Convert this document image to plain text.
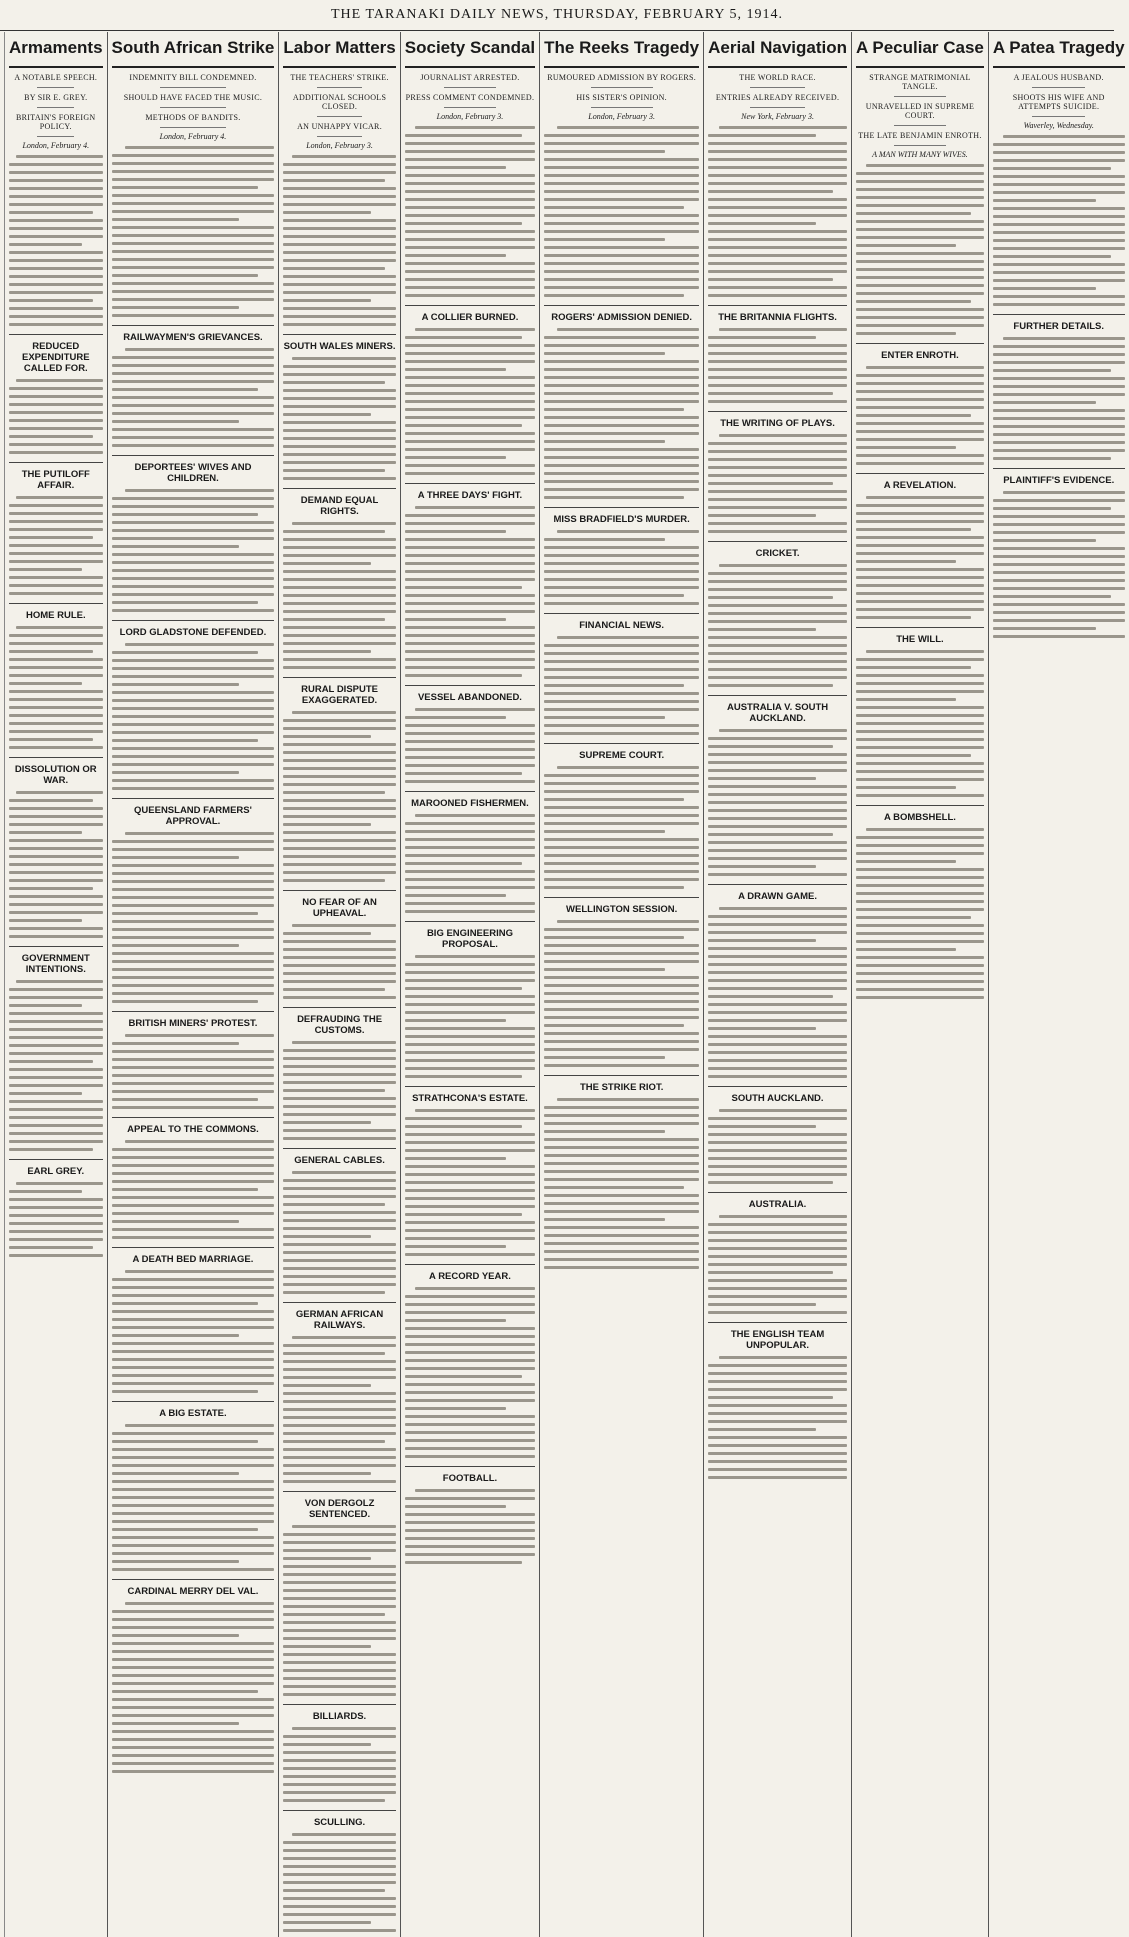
THE TARANAKI DAILY NEWS, THURSDAY, FEBRUARY 5, 1914.
Armaments
A NOTABLE SPEECH.
BY SIR E. GREY.
BRITAIN'S FOREIGN POLICY.
London, February 4.
REDUCED EXPENDITURE CALLED FOR.
THE PUTILOFF AFFAIR.
HOME RULE.
DISSOLUTION OR WAR.
GOVERNMENT INTENTIONS.
EARL GREY.
South African Strike
INDEMNITY BILL CONDEMNED.
SHOULD HAVE FACED THE MUSIC.
METHODS OF BANDITS.
London, February 4.
RAILWAYMEN'S GRIEVANCES.
DEPORTEES' WIVES AND CHILDREN.
LORD GLADSTONE DEFENDED.
QUEENSLAND FARMERS' APPROVAL.
BRITISH MINERS' PROTEST.
APPEAL TO THE COMMONS.
A DEATH BED MARRIAGE.
A BIG ESTATE.
CARDINAL MERRY DEL VAL.
Labor Matters
THE TEACHERS' STRIKE.
ADDITIONAL SCHOOLS CLOSED.
AN UNHAPPY VICAR.
London, February 3.
SOUTH WALES MINERS.
DEMAND EQUAL RIGHTS.
RURAL DISPUTE EXAGGERATED.
NO FEAR OF AN UPHEAVAL.
DEFRAUDING THE CUSTOMS.
GENERAL CABLES.
GERMAN AFRICAN RAILWAYS.
VON DERGOLZ SENTENCED.
BILLIARDS.
SCULLING.
Society Scandal
JOURNALIST ARRESTED.
PRESS COMMENT CONDEMNED.
London, February 3.
A COLLIER BURNED.
A THREE DAYS' FIGHT.
VESSEL ABANDONED.
MAROONED FISHERMEN.
BIG ENGINEERING PROPOSAL.
STRATHCONA'S ESTATE.
A RECORD YEAR.
FOOTBALL.
The Reeks Tragedy
RUMOURED ADMISSION BY ROGERS.
HIS SISTER'S OPINION.
London, February 3.
ROGERS' ADMISSION DENIED.
MISS BRADFIELD'S MURDER.
FINANCIAL NEWS.
SUPREME COURT.
WELLINGTON SESSION.
THE STRIKE RIOT.
Aerial Navigation
THE WORLD RACE.
ENTRIES ALREADY RECEIVED.
New York, February 3.
THE BRITANNIA FLIGHTS.
THE WRITING OF PLAYS.
CRICKET.
AUSTRALIA V. SOUTH AUCKLAND.
A DRAWN GAME.
SOUTH AUCKLAND.
AUSTRALIA.
THE ENGLISH TEAM UNPOPULAR.
A Peculiar Case
STRANGE MATRIMONIAL TANGLE.
UNRAVELLED IN SUPREME COURT.
THE LATE BENJAMIN ENROTH.
A MAN WITH MANY WIVES.
ENTER ENROTH.
A REVELATION.
THE WILL.
A BOMBSHELL.
A Patea Tragedy
A JEALOUS HUSBAND.
SHOOTS HIS WIFE AND ATTEMPTS SUICIDE.
Waverley, Wednesday.
FURTHER DETAILS.
PLAINTIFF'S EVIDENCE.
